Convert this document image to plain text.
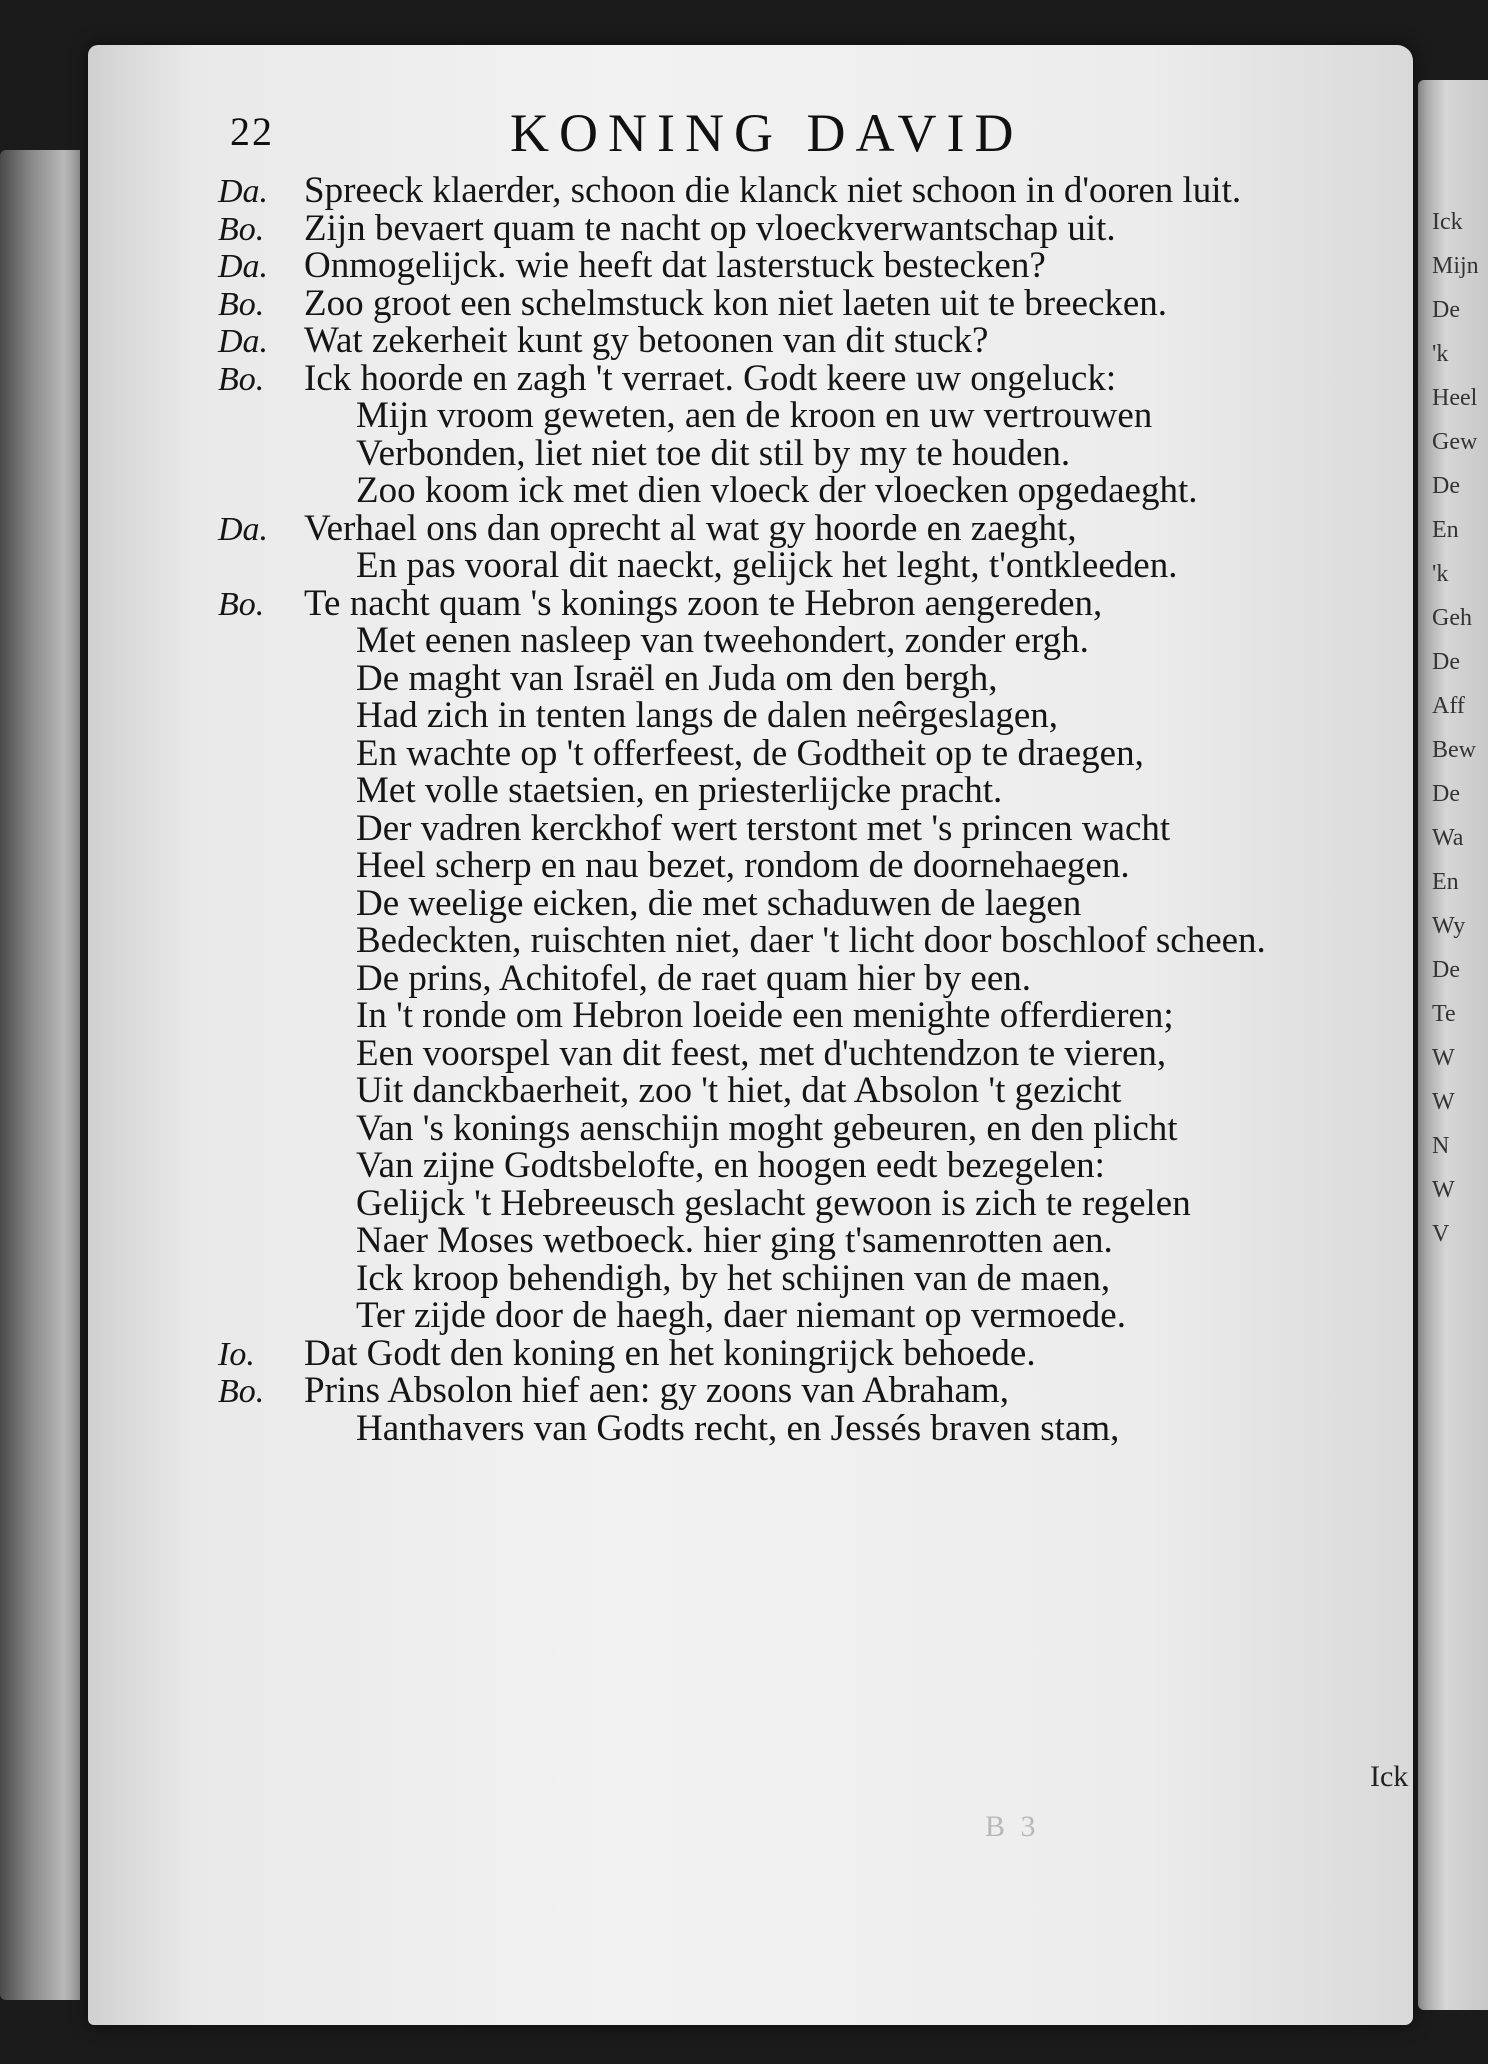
Ick
Mijn
De
'k
Heel
Gew
De
En
'k
Geh
De
Aff
Bew
De
Wa
En
Wy
De
Te
W
W
N
W
V
22	KONING DAVID
Da. Spreeck klaerder, schoon die klanck niet schoon in d'ooren luit.
Bo. Zijn bevaert quam te nacht op vloeckverwantschap uit.
Da. Onmogelijck. wie heeft dat lasterstuck bestecken?
Bo. Zoo groot een schelmstuck kon niet laeten uit te breecken.
Da. Wat zekerheit kunt gy betoonen van dit stuck?
Bo. Ick hoorde en zagh 't verraet. Godt keere uw ongeluck:
Mijn vroom geweten, aen de kroon en uw vertrouwen
Verbonden, liet niet toe dit stil by my te houden.
Zoo koom ick met dien vloeck der vloecken opgedaeght.
Da. Verhael ons dan oprecht al wat gy hoorde en zaeght,
En pas vooral dit naeckt, gelijck het leght, t'ontkleeden.
Bo. Te nacht quam 's konings zoon te Hebron aengereden,
Met eenen nasleep van tweehondert, zonder ergh.
De maght van Israël en Juda om den bergh,
Had zich in tenten langs de dalen neêrgeslagen,
En wachte op 't offerfeest, de Godtheit op te draegen,
Met volle staetsien, en priesterlijcke pracht.
Der vadren kerckhof wert terstont met 's princen wacht
Heel scherp en nau bezet, rondom de doornehaegen.
De weelige eicken, die met schaduwen de laegen
Bedeckten, ruischten niet, daer 't licht door boschloof scheen.
De prins, Achitofel, de raet quam hier by een.
In 't ronde om Hebron loeide een menighte offerdieren;
Een voorspel van dit feest, met d'uchtendzon te vieren,
Uit danckbaerheit, zoo 't hiet, dat Absolon 't gezicht
Van 's konings aenschijn moght gebeuren, en den plicht
Van zijne Godtsbelofte, en hoogen eedt bezegelen:
Gelijck 't Hebreeusch geslacht gewoon is zich te regelen
Naer Moses wetboeck. hier ging t'samenrotten aen.
Ick kroop behendigh, by het schijnen van de maen,
Ter zijde door de haegh, daer niemant op vermoede.
Io. Dat Godt den koning en het koningrijck behoede.
Bo. Prins Absolon hief aen: gy zoons van Abraham,
Hanthavers van Godts recht, en Jessés braven stam,
B 3
Ick
